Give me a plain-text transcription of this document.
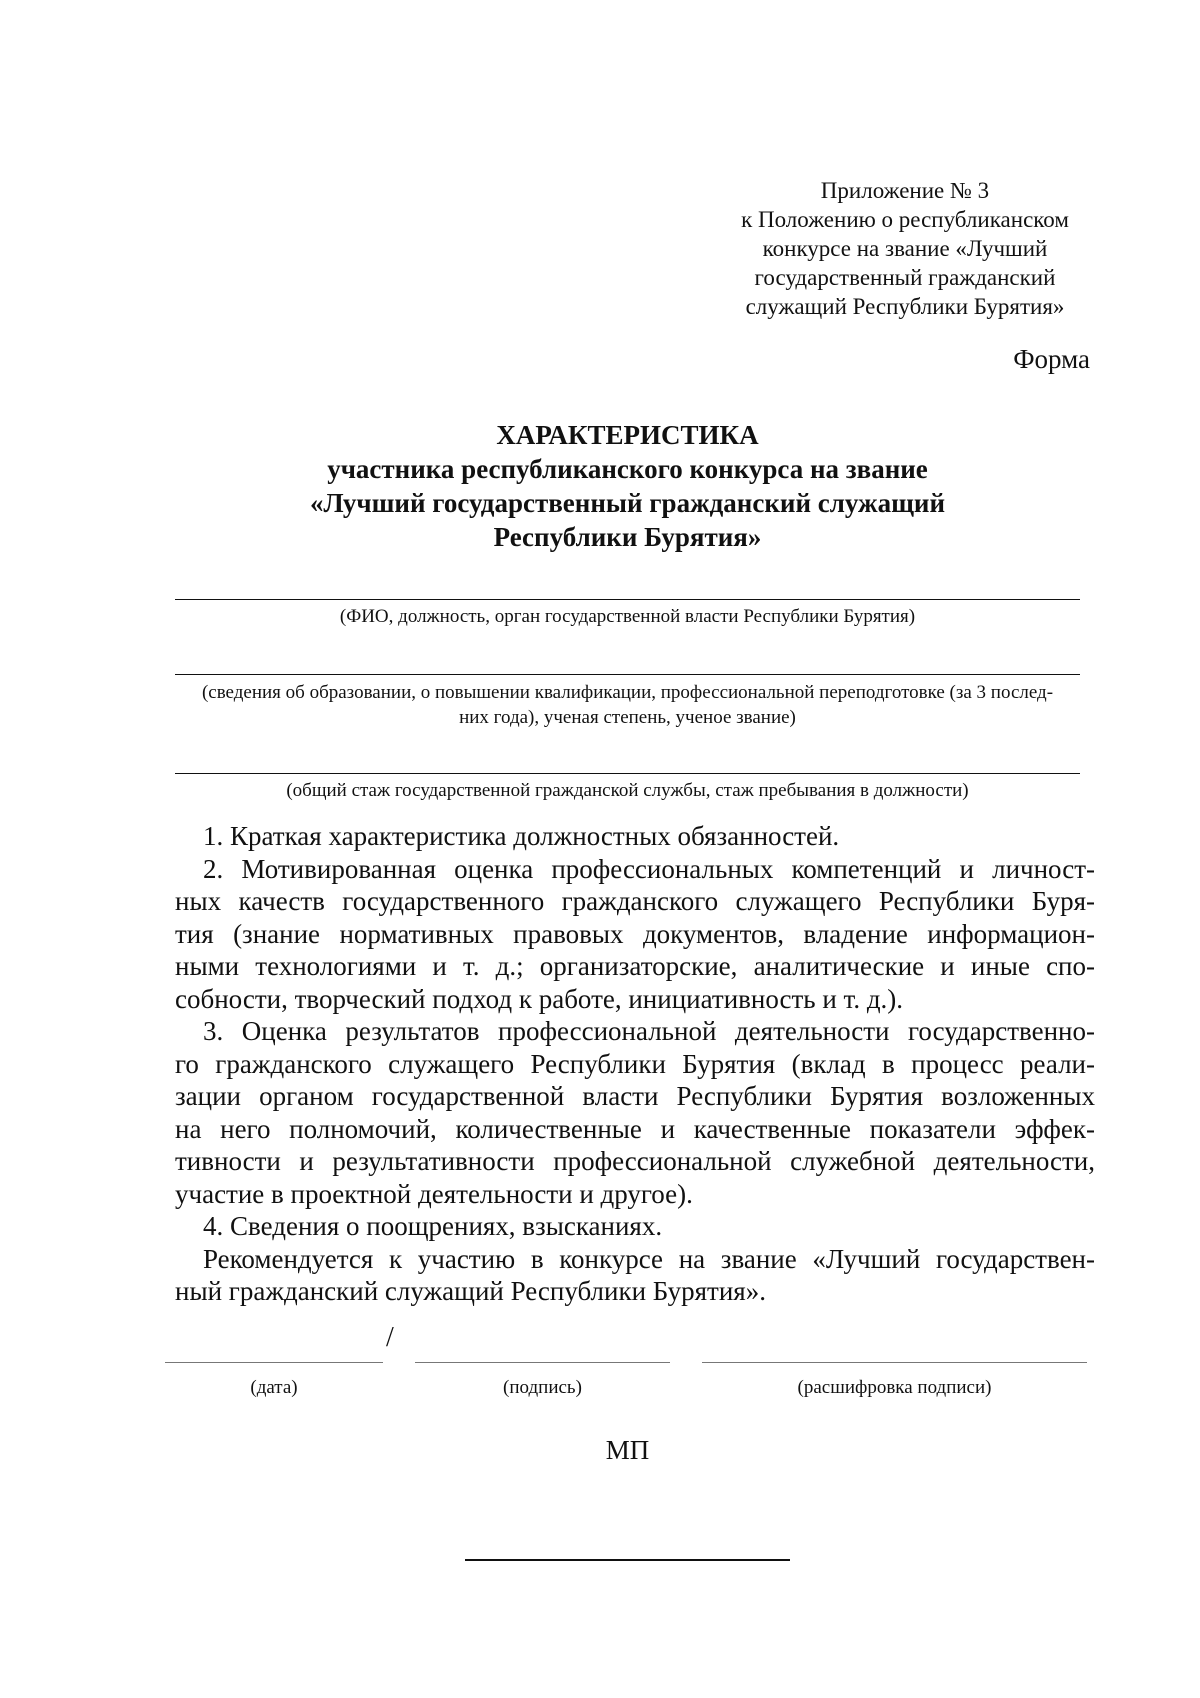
Приложение № 3
к Положению о республиканском
конкурсе на звание «Лучший
государственный гражданский
служащий Республики Бурятия»
Форма
ХАРАКТЕРИСТИКА
участника республиканского конкурса на звание
«Лучший государственный гражданский служащий
Республики Бурятия»
(ФИО, должность, орган государственной власти Республики Бурятия)
(сведения об образовании, о повышении квалификации, профессиональной переподготовке (за 3 послед-
них года), ученая степень, ученое звание)
(общий стаж государственной гражданской службы, стаж пребывания в должности)

1. Краткая характеристика должностных обязанностей.

2. Мотивированная оценка профессиональных компетенций и личност-
ных качеств государственного гражданского служащего Республики Буря-
тия (знание нормативных правовых документов, владение информацион-
ными технологиями и т. д.; организаторские, аналитические и иные спо-
собности, творческий подход к работе, инициативность и т. д.).
3. Оценка результатов профессиональной деятельности государственно-
го гражданского служащего Республики Бурятия (вклад в процесс реали-
зации органом государственной власти Республики Бурятия возложенных
на него полномочий, количественные и качественные показатели эффек-
тивности и результативности профессиональной служебной деятельности,
участие в проектной деятельности и другое).
4. Сведения о поощрениях, взысканиях.
Рекомендуется к участию в конкурсе на звание «Лучший государствен-
ный гражданский служащий Республики Бурятия».
/
(дата)	(подпись)	(расшифровка подписи)
МП
